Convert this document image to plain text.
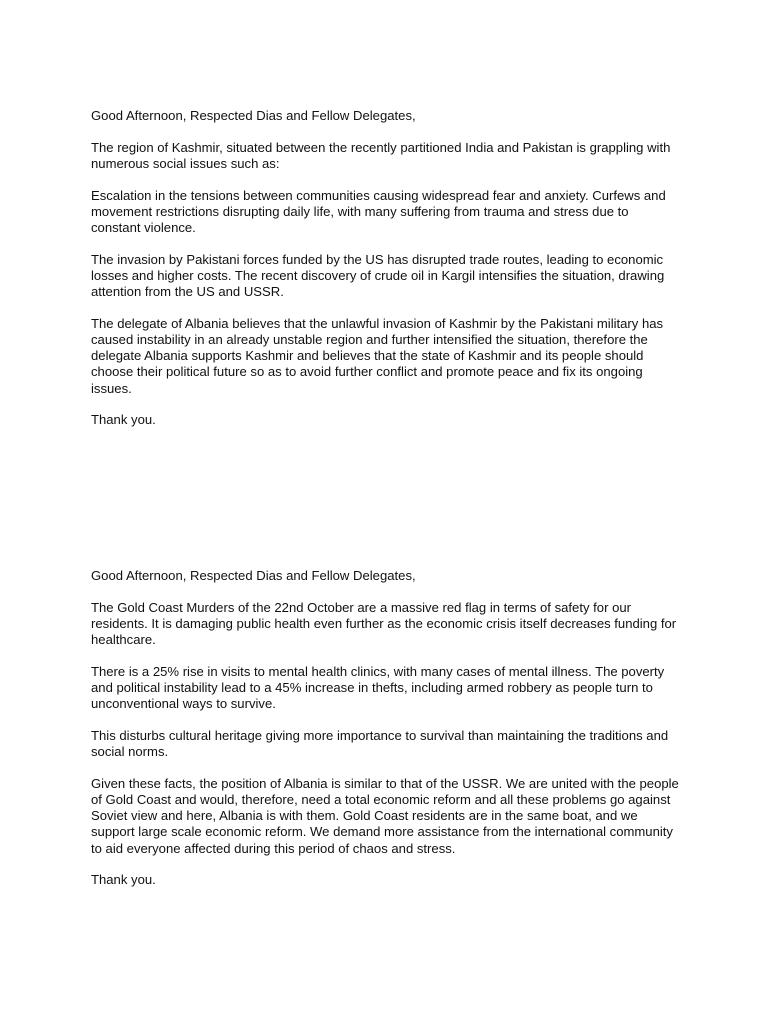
Good Afternoon, Respected Dias and Fellow Delegates,

The region of Kashmir, situated between the recently partitioned India and Pakistan is grappling with numerous social issues such as:

Escalation in the tensions between communities causing widespread fear and anxiety. Curfews and movement restrictions disrupting daily life, with many suffering from trauma and stress due to constant violence.

The invasion by Pakistani forces funded by the US has disrupted trade routes, leading to economic losses and higher costs. The recent discovery of crude oil in Kargil intensifies the situation, drawing attention from the US and USSR.

The delegate of Albania believes that the unlawful invasion of Kashmir by the Pakistani military has caused instability in an already unstable region and further intensified the situation, therefore the delegate Albania supports Kashmir and believes that the state of Kashmir and its people should choose their political future so as to avoid further conflict and promote peace and fix its ongoing issues.

Thank you.

Good Afternoon, Respected Dias and Fellow Delegates,

The Gold Coast Murders of the 22nd October are a massive red flag in terms of safety for our residents. It is damaging public health even further as the economic crisis itself decreases funding for healthcare.

There is a 25% rise in visits to mental health clinics, with many cases of mental illness. The poverty and political instability lead to a 45% increase in thefts, including armed robbery as people turn to unconventional ways to survive.

This disturbs cultural heritage giving more importance to survival than maintaining the traditions and social norms.

Given these facts, the position of Albania is similar to that of the USSR. We are united with the people of Gold Coast and would, therefore, need a total economic reform and all these problems go against Soviet view and here, Albania is with them. Gold Coast residents are in the same boat, and we support large scale economic reform. We demand more assistance from the international community to aid everyone affected during this period of chaos and stress.

Thank you.
